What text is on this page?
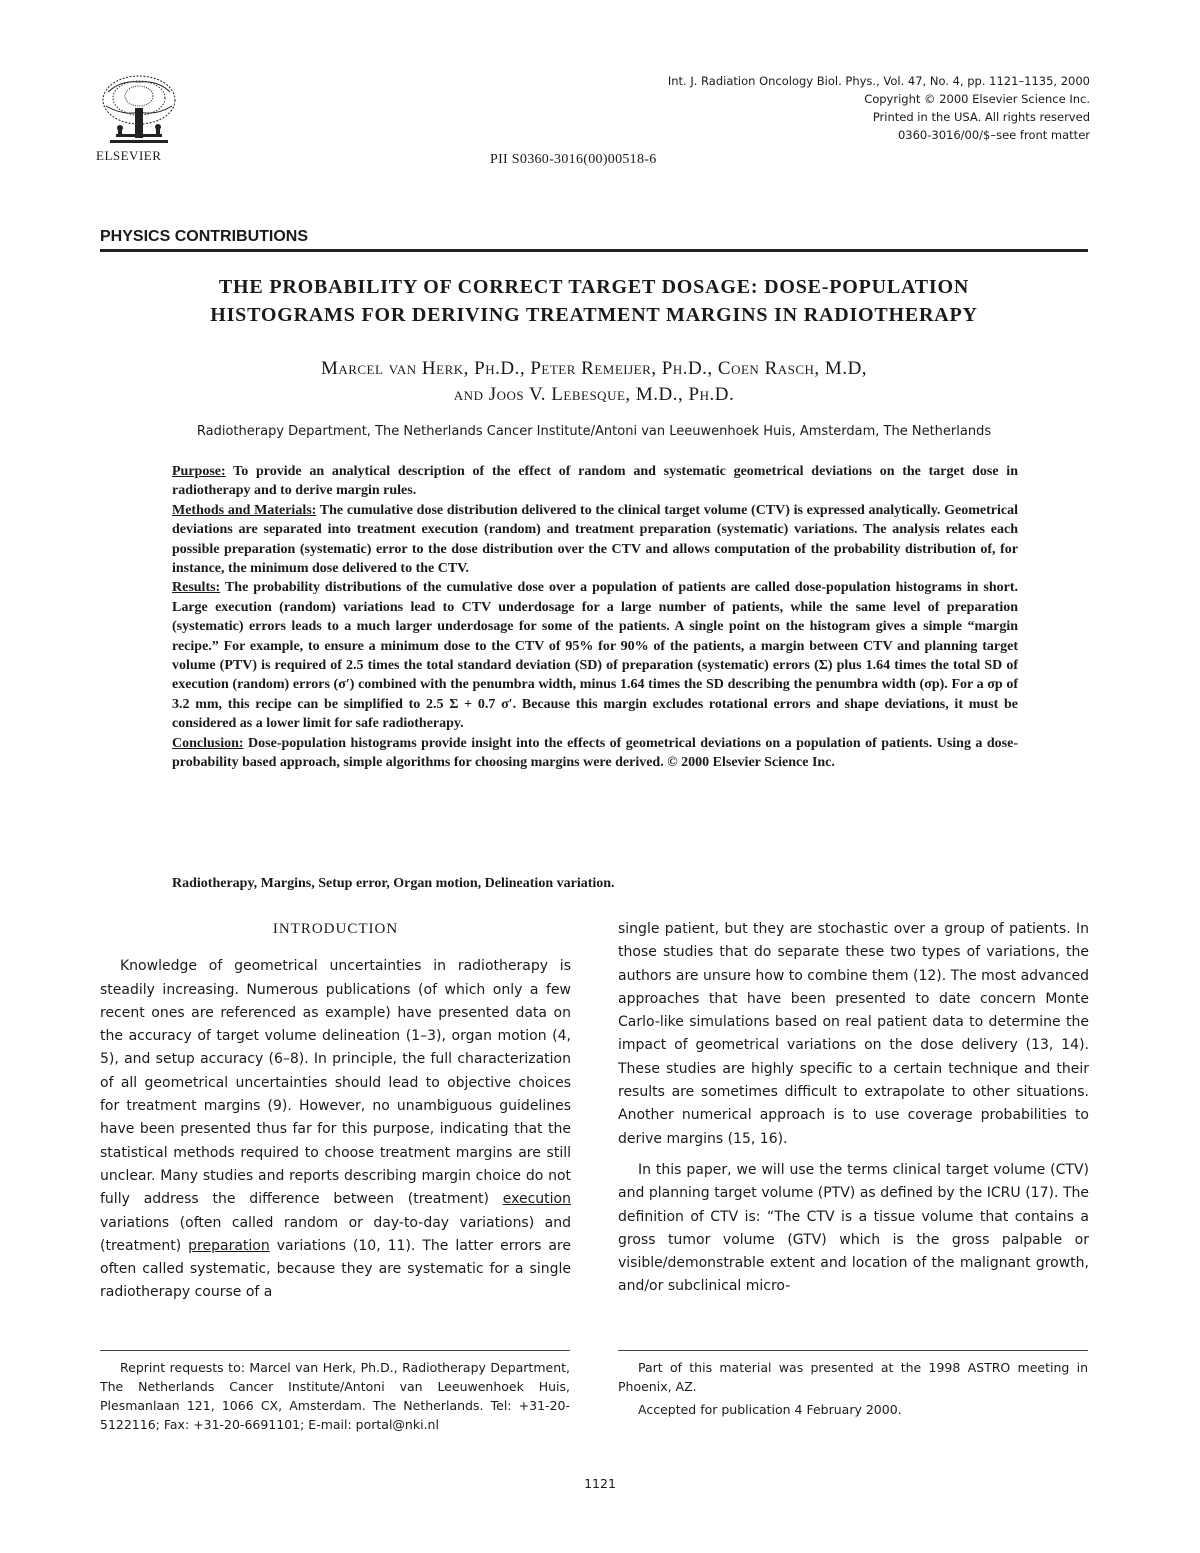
ELSEVIER
Int. J. Radiation Oncology Biol. Phys., Vol. 47, No. 4, pp. 1121–1135, 2000
Copyright © 2000 Elsevier Science Inc.
Printed in the USA. All rights reserved
0360-3016/00/$–see front matter
PII S0360-3016(00)00518-6
PHYSICS CONTRIBUTIONS
THE PROBABILITY OF CORRECT TARGET DOSAGE: DOSE-POPULATION
HISTOGRAMS FOR DERIVING TREATMENT MARGINS IN RADIOTHERAPY
Marcel van Herk, Ph.D., Peter Remeijer, Ph.D., Coen Rasch, M.D,
and Joos V. Lebesque, M.D., Ph.D.
Radiotherapy Department, The Netherlands Cancer Institute/Antoni van Leeuwenhoek Huis, Amsterdam, The Netherlands

Purpose: To provide an analytical description of the effect of random and systematic geometrical deviations on the target dose in radiotherapy and to derive margin rules.

Methods and Materials: The cumulative dose distribution delivered to the clinical target volume (CTV) is expressed analytically. Geometrical deviations are separated into treatment execution (random) and treatment preparation (systematic) variations. The analysis relates each possible preparation (systematic) error to the dose distribution over the CTV and allows computation of the probability distribution of, for instance, the minimum dose delivered to the CTV.

Results: The probability distributions of the cumulative dose over a population of patients are called dose-population histograms in short. Large execution (random) variations lead to CTV underdosage for a large number of patients, while the same level of preparation (systematic) errors leads to a much larger underdosage for some of the patients. A single point on the histogram gives a simple “margin recipe.” For example, to ensure a minimum dose to the CTV of 95% for 90% of the patients, a margin between CTV and planning target volume (PTV) is required of 2.5 times the total standard deviation (SD) of preparation (systematic) errors (Σ) plus 1.64 times the total SD of execution (random) errors (σ′) combined with the penumbra width, minus 1.64 times the SD describing the penumbra width (σp). For a σp of 3.2 mm, this recipe can be simplified to 2.5 Σ + 0.7 σ′. Because this margin excludes rotational errors and shape deviations, it must be considered as a lower limit for safe radiotherapy.

Conclusion: Dose-population histograms provide insight into the effects of geometrical deviations on a population of patients. Using a dose-probability based approach, simple algorithms for choosing margins were derived. © 2000 Elsevier Science Inc.

Radiotherapy, Margins, Setup error, Organ motion, Delineation variation.

INTRODUCTION

Knowledge of geometrical uncertainties in radiotherapy is steadily increasing. Numerous publications (of which only a few recent ones are referenced as example) have presented data on the accuracy of target volume delineation (1–3), organ motion (4, 5), and setup accuracy (6–8). In principle, the full characterization of all geometrical uncertainties should lead to objective choices for treatment margins (9). However, no unambiguous guidelines have been presented thus far for this purpose, indicating that the statistical methods required to choose treatment margins are still unclear. Many studies and reports describing margin choice do not fully address the difference between (treatment) execution variations (often called random or day-to-day variations) and (treatment) preparation variations (10, 11). The latter errors are often called systematic, because they are systematic for a single radiotherapy course of a

single patient, but they are stochastic over a group of patients. In those studies that do separate these two types of variations, the authors are unsure how to combine them (12). The most advanced approaches that have been presented to date concern Monte Carlo-like simulations based on real patient data to determine the impact of geometrical variations on the dose delivery (13, 14). These studies are highly specific to a certain technique and their results are sometimes difficult to extrapolate to other situations. Another numerical approach is to use coverage probabilities to derive margins (15, 16).

In this paper, we will use the terms clinical target volume (CTV) and planning target volume (PTV) as defined by the ICRU (17). The definition of CTV is: “The CTV is a tissue volume that contains a gross tumor volume (GTV) which is the gross palpable or visible/demonstrable extent and location of the malignant growth, and/or subclinical micro-

Reprint requests to: Marcel van Herk, Ph.D., Radiotherapy Department, The Netherlands Cancer Institute/Antoni van Leeuwenhoek Huis, Plesmanlaan 121, 1066 CX, Amsterdam. The Netherlands. Tel: +31-20-5122116; Fax: +31-20-6691101; E-mail: portal@nki.nl

Part of this material was presented at the 1998 ASTRO meeting in Phoenix, AZ.

Accepted for publication 4 February 2000.

1121
